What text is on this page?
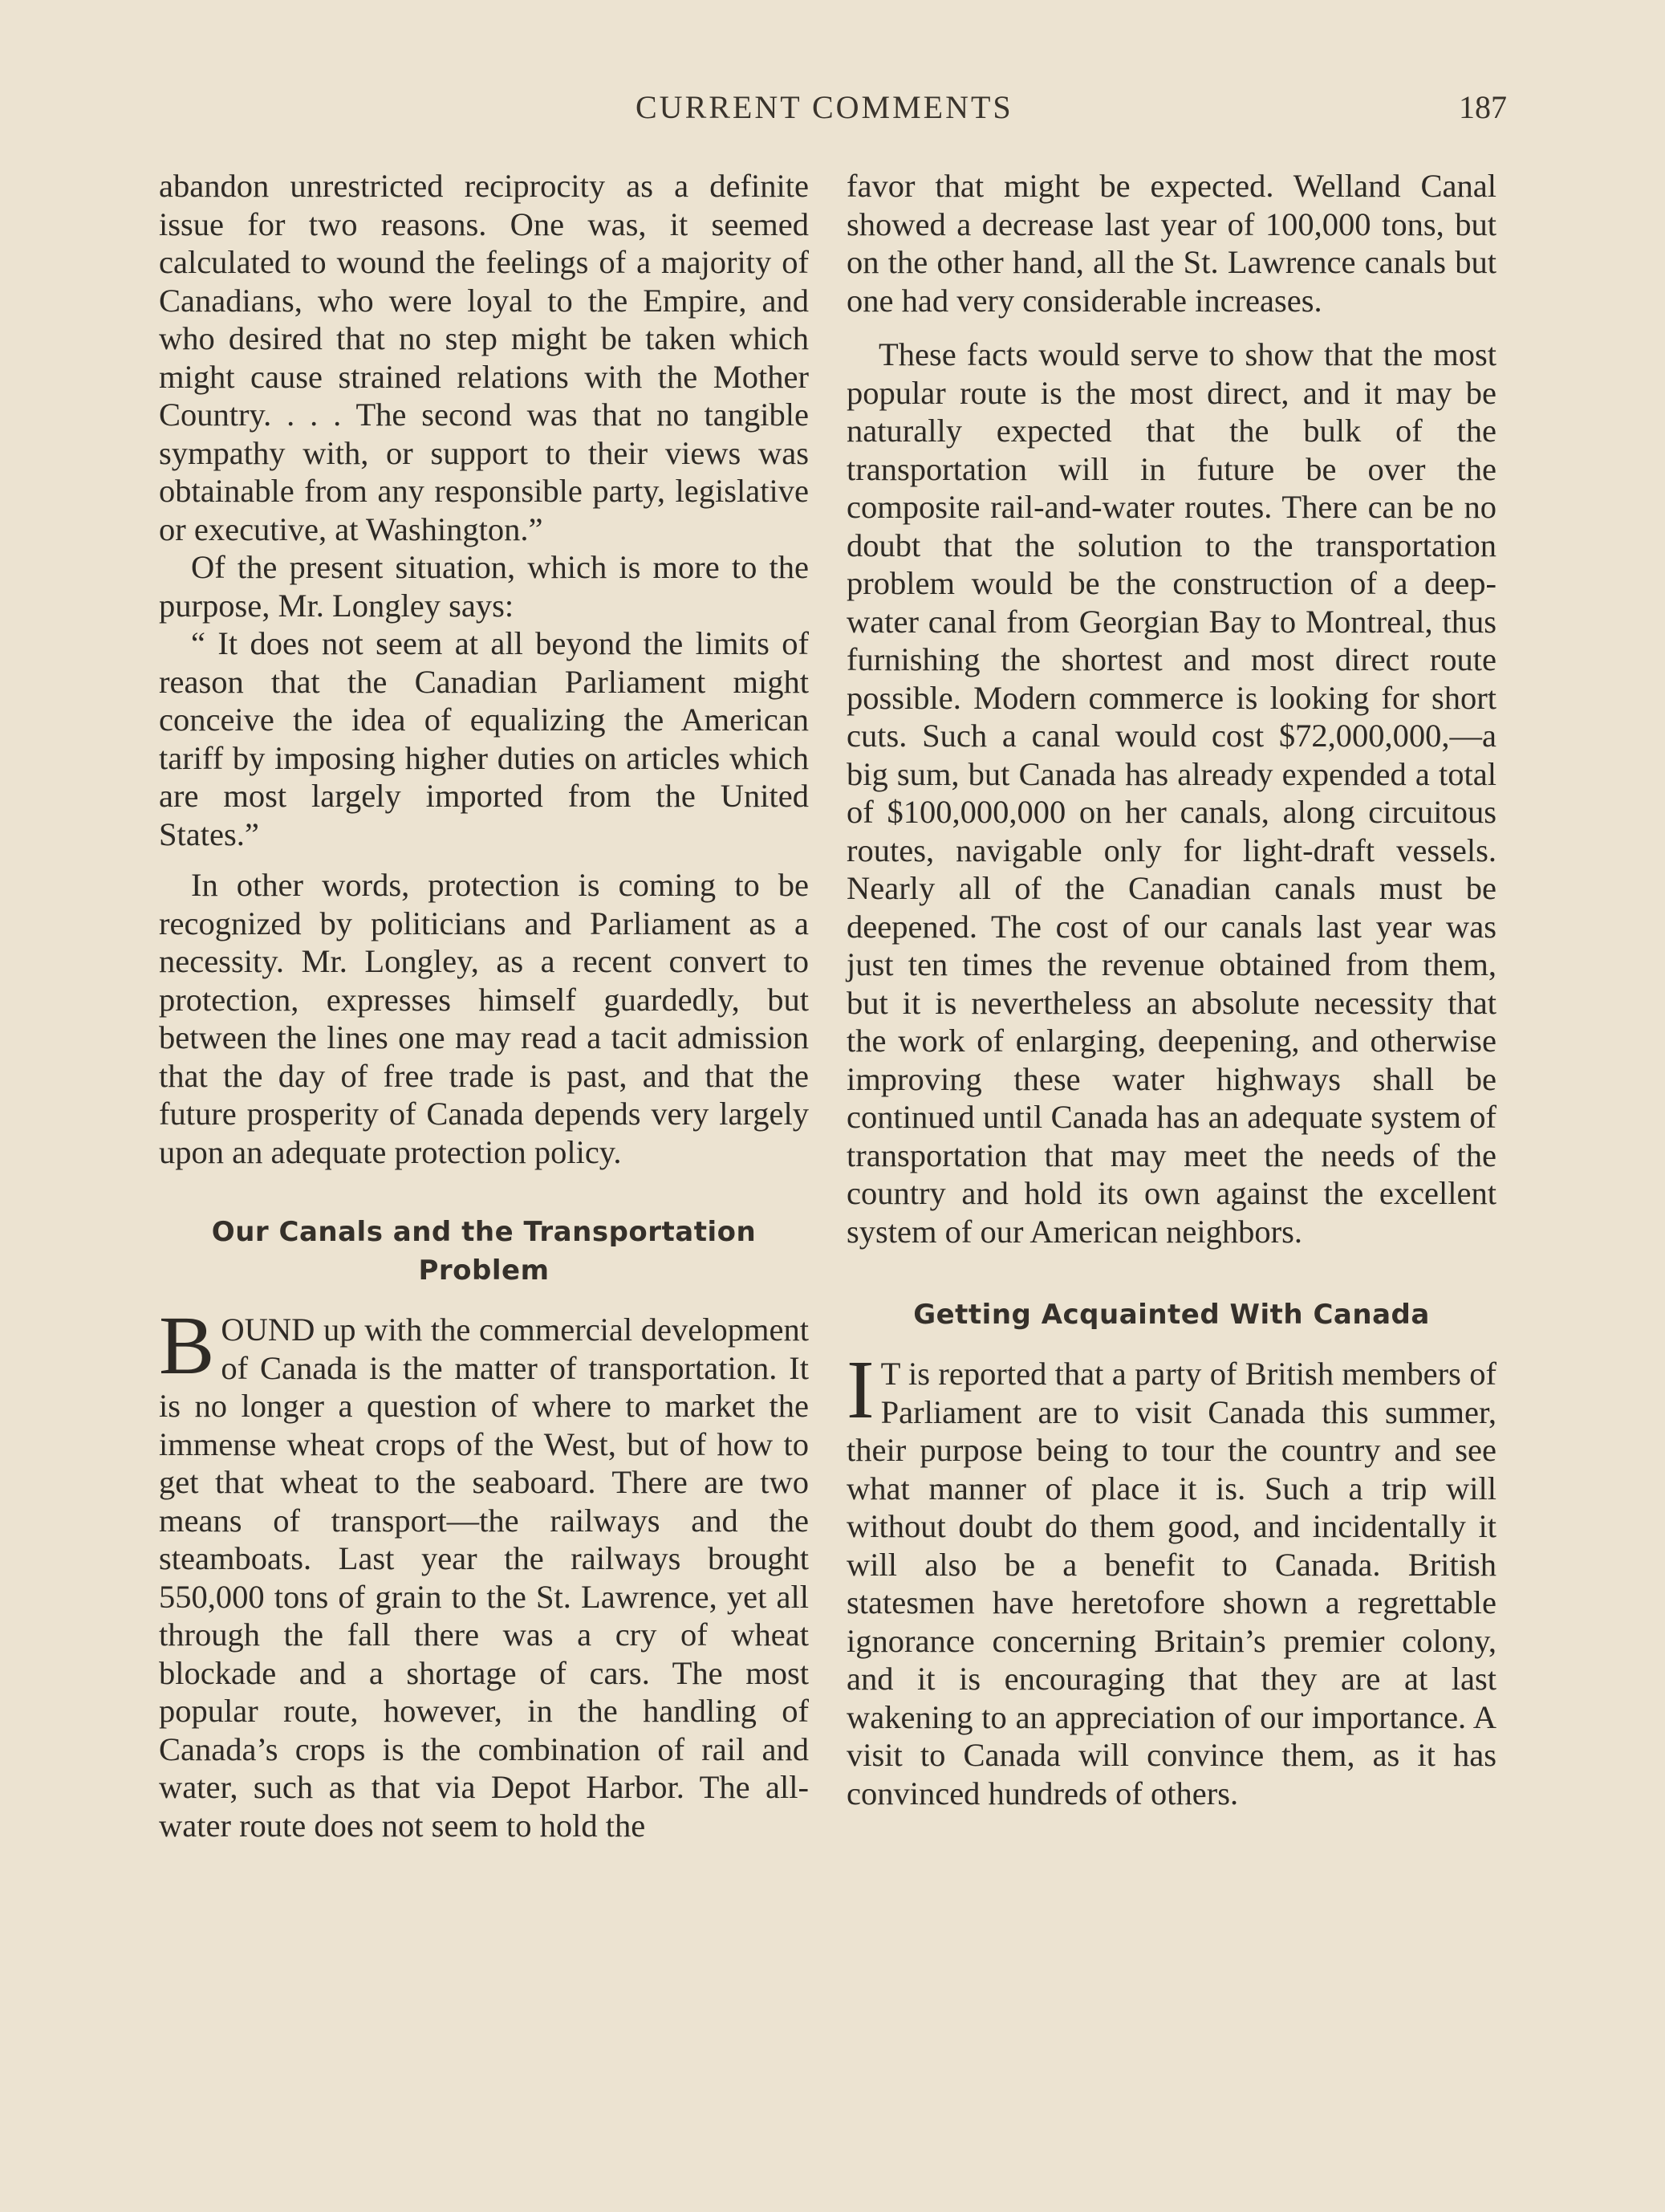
CURRENT COMMENTS	187

abandon unrestricted reciprocity as a definite issue for two reasons. One was, it seemed calculated to wound the feelings of a majority of Canadians, who were loyal to the Empire, and who desired that no step might be taken which might cause strained relations with the Mother Country. . . . The second was that no tangible sympathy with, or support to their views was obtainable from any responsible party, legislative or executive, at Washington.”

Of the present situation, which is more to the purpose, Mr. Longley says:

“ It does not seem at all beyond the limits of reason that the Canadian Parliament might conceive the idea of equalizing the American tariff by imposing higher duties on articles which are most largely imported from the United States.”

In other words, protection is coming to be recognized by politicians and Parliament as a necessity. Mr. Longley, as a recent convert to protection, expresses himself guardedly, but between the lines one may read a tacit admission that the day of free trade is past, and that the future prosperity of Canada depends very largely upon an adequate protection policy.

Our Canals and the Transportation
Problem

B OUND up with the commercial development of Canada is the matter of transportation. It is no longer a question of where to market the immense wheat crops of the West, but of how to get that wheat to the seaboard. There are two means of transport—the railways and the steamboats. Last year the railways brought 550,000 tons of grain to the St. Lawrence, yet all through the fall there was a cry of wheat blockade and a shortage of cars. The most popular route, however, in the handling of Canada’s crops is the combination of rail and water, such as that via Depot Harbor. The all-water route does not seem to hold the

favor that might be expected. Welland Canal showed a decrease last year of 100,000 tons, but on the other hand, all the St. Lawrence canals but one had very considerable increases.

These facts would serve to show that the most popular route is the most direct, and it may be naturally expected that the bulk of the transportation will in future be over the composite rail-and-water routes. There can be no doubt that the solution to the transportation problem would be the construction of a deep-water canal from Georgian Bay to Montreal, thus furnishing the shortest and most direct route possible. Modern commerce is looking for short cuts. Such a canal would cost $72,000,000,—a big sum, but Canada has already expended a total of $100,000,000 on her canals, along circuitous routes, navigable only for light-draft vessels. Nearly all of the Canadian canals must be deepened. The cost of our canals last year was just ten times the revenue obtained from them, but it is nevertheless an absolute necessity that the work of enlarging, deepening, and otherwise improving these water highways shall be continued until Canada has an adequate system of transportation that may meet the needs of the country and hold its own against the excellent system of our American neighbors.

Getting Acquainted With Canada

I T is reported that a party of British members of Parliament are to visit Canada this summer, their purpose being to tour the country and see what manner of place it is. Such a trip will without doubt do them good, and incidentally it will also be a benefit to Canada. British statesmen have heretofore shown a regrettable ignorance concerning Britain’s premier colony, and it is encouraging that they are at last wakening to an appreciation of our importance. A visit to Canada will convince them, as it has convinced hundreds of others.
